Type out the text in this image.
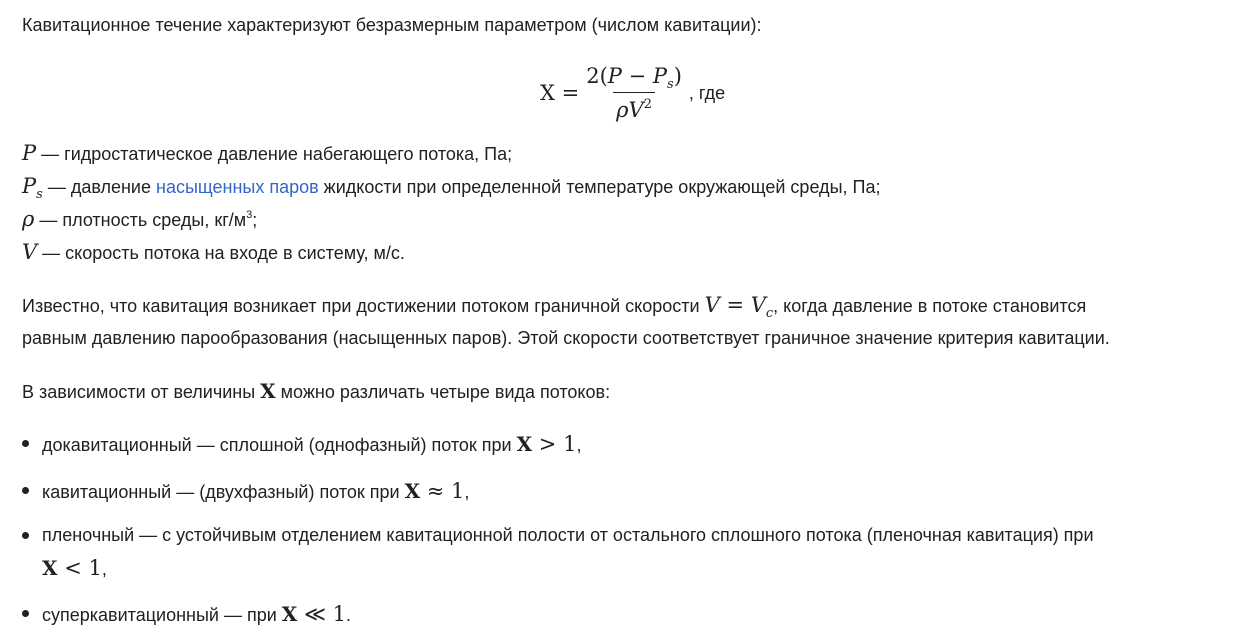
Кавитационное течение характеризуют безразмерным параметром (числом кавитации):
$X = \frac{2(P - P_s)}{\rho V^2}$ , где
P — гидростатическое давление набегающего потока, Па;
$P_s$ — давление насыщенных паров жидкости при определенной температуре окружающей среды, Па;
ρ — плотность среды, $кг/м^3$;
V — скорость потока на входе в систему, м/с.
Известно, что кавитация возникает при достижении потоком граничной скорости $V = V_c$, когда давление в потоке становится
равным давлению парообразования (насыщенных паров). Этой скорости соответствует граничное значение критерия кавитации.
В зависимости от величины Χ можно различать четыре вида потоков:
докавитационный — сплошной (однофазный) поток при Χ > 1,
кавитационный — (двухфазный) поток при Χ ≈ 1,
пленочный — с устойчивым отделением кавитационной полости от остального сплошного потока (пленочная кавитация) при
Χ < 1,
суперкавитационный — при Χ ≪ 1.
